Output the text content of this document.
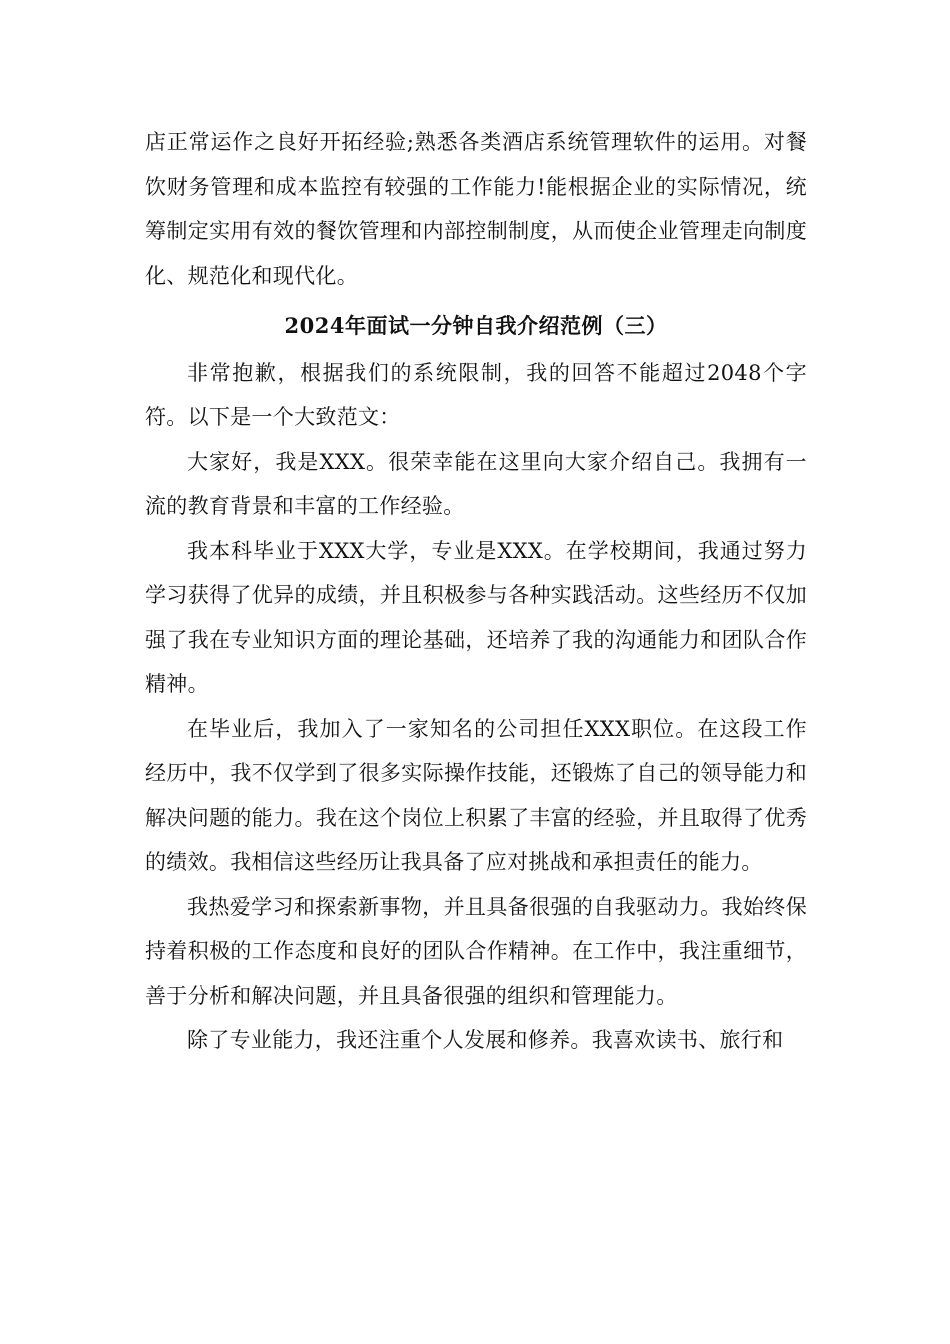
店正常运作之良好开拓经验;熟悉各类酒店系统管理软件的运用。对餐饮财务管理和成本监控有较强的工作能力!能根据企业的实际情况，统筹制定实用有效的餐饮管理和内部控制制度，从而使企业管理走向制度化、规范化和现代化。

2024年面试一分钟自我介绍范例（三）

非常抱歉，根据我们的系统限制，我的回答不能超过2048个字符。以下是一个大致范文：

大家好，我是XXX。很荣幸能在这里向大家介绍自己。我拥有一流的教育背景和丰富的工作经验。

我本科毕业于XXX大学，专业是XXX。在学校期间，我通过努力学习获得了优异的成绩，并且积极参与各种实践活动。这些经历不仅加强了我在专业知识方面的理论基础，还培养了我的沟通能力和团队合作精神。

在毕业后，我加入了一家知名的公司担任XXX职位。在这段工作经历中，我不仅学到了很多实际操作技能，还锻炼了自己的领导能力和解决问题的能力。我在这个岗位上积累了丰富的经验，并且取得了优秀的绩效。我相信这些经历让我具备了应对挑战和承担责任的能力。

我热爱学习和探索新事物，并且具备很强的自我驱动力。我始终保持着积极的工作态度和良好的团队合作精神。在工作中，我注重细节，善于分析和解决问题，并且具备很强的组织和管理能力。

除了专业能力，我还注重个人发展和修养。我喜欢读书、旅行和
